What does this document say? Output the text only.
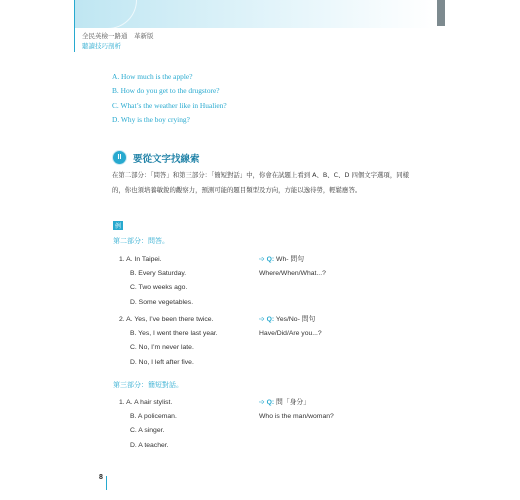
全民英檢一路通　革新版
聽讀技巧剖析
A. How much is the apple?
B. How do you get to the drugstore?
C. What’s the weather like in Hualien?
D. Why is the boy crying?
II	要從文字找線索
在第二部分：「問答」和第三部分：「簡短對話」中，你會在試題上看到 A、B、C、D 四個文字選項，同樣的，你也須培養敏銳的觀察力，預測可能的題目類型及方向，方能以逸待勞，輕鬆應答。
例
第二部分：問答。
1. A. In Taipei.
B. Every Saturday.
C. Two weeks ago.
D. Some vegetables.
➩ Q: Wh- 問句
Where/When/What...?
2. A. Yes, I’ve been there twice.
B. Yes, I went there last year.
C. No, I’m never late.
D. No, I left after five.
➩ Q: Yes/No- 問句
Have/Did/Are you...?
第三部分：簡短對話。
1. A. A hair stylist.
B. A policeman.
C. A singer.
D. A teacher.
➩ Q: 問「身分」
Who is the man/woman?
8
